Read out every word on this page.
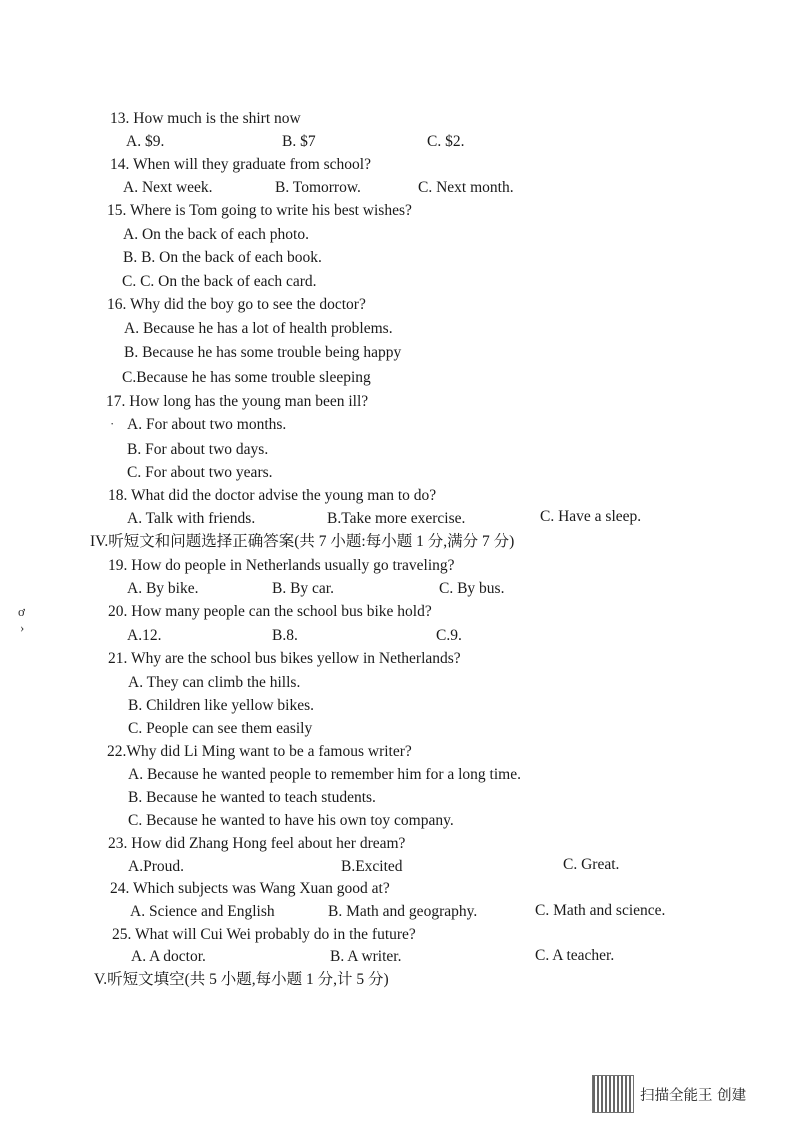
13. How much is the shirt now
A. $9.	B. $7	C. $2.
14. When will they graduate from school?
A. Next week.	B. Tomorrow.	C. Next month.
15. Where is Tom going to write his best wishes?
A. On the back of each photo.
B. B. On the back of each book.
C. C. On the back of each card.
16. Why did the boy go to see the doctor?
A. Because he has a lot of health problems.
B. Because he has some trouble being happy
C.Because he has some trouble sleeping
17. How long has the young man been ill?
· A. For about two months.
B. For about two days.
C. For about two years.
18. What did the doctor advise the young man to do?
A. Talk with friends.	B.Take more exercise.	C. Have a sleep.
IV.听短文和问题选择正确答案(共 7 小题:每小题 1 分,满分 7 分)
19. How do people in Netherlands usually go traveling?
A. By bike.	B. By car.	C. By bus.
ơ
›
20. How many people can the school bus bike hold?
A.12.	B.8.	C.9.
21. Why are the school bus bikes yellow in Netherlands?
A. They can climb the hills.
B. Children like yellow bikes.
C. People can see them easily
22.Why did Li Ming want to be a famous writer?
A. Because he wanted people to remember him for a long time.
B. Because he wanted to teach students.
C. Because he wanted to have his own toy company.
23. How did Zhang Hong feel about her dream?
A.Proud.	B.Excited	C. Great.
24. Which subjects was Wang Xuan good at?
A. Science and English	B. Math and geography.	C. Math and science.
25. What will Cui Wei probably do in the future?
A. A doctor.	B. A writer.	C. A teacher.
V.听短文填空(共 5 小题,每小题 1 分,计 5 分)
扫描全能王 创建
